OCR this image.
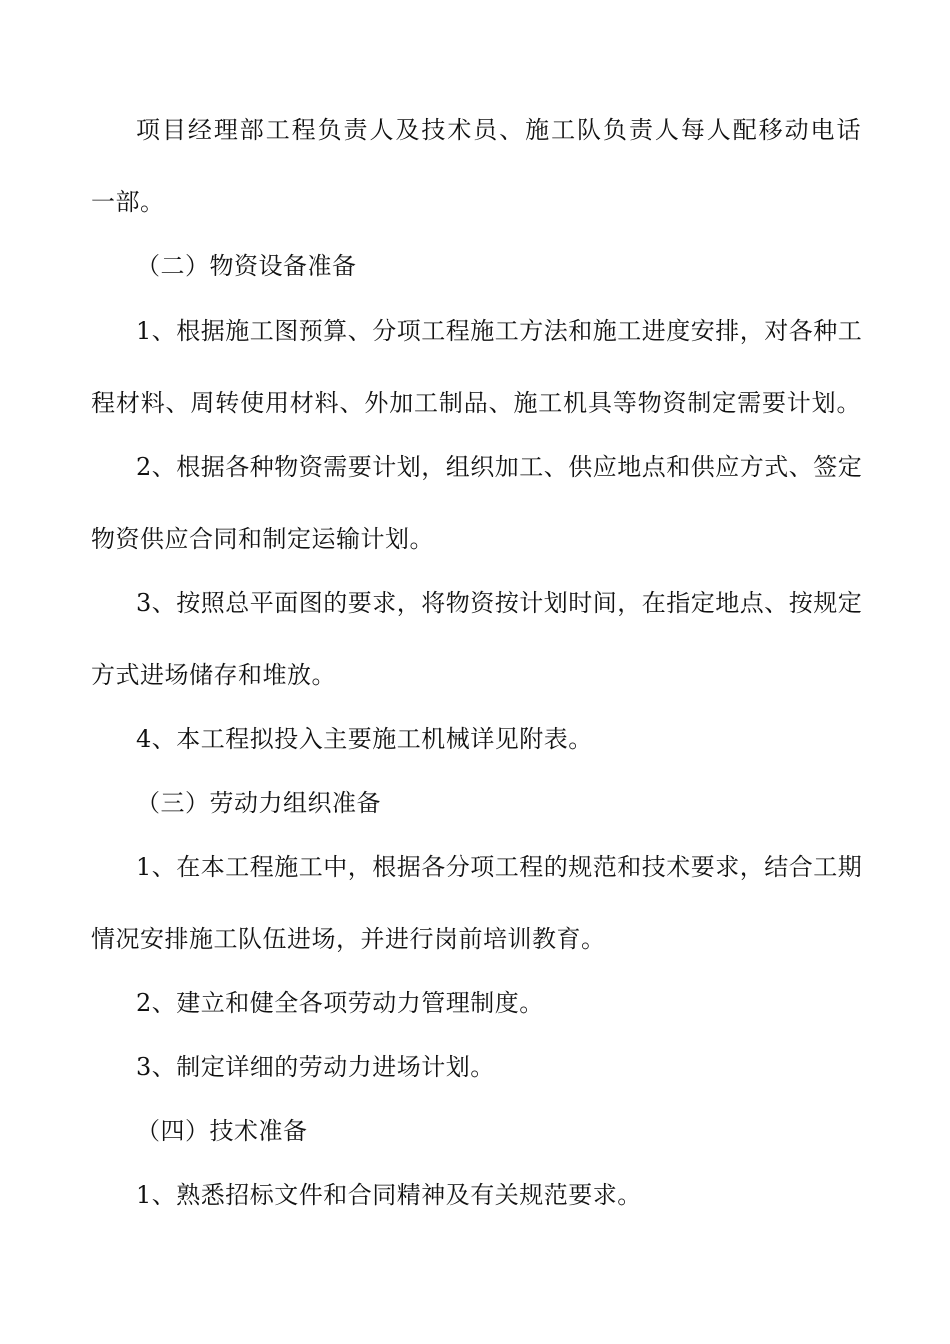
项目经理部工程负责人及技术员、施工队负责人每人配移动电话
一部。
（二）物资设备准备
1、根据施工图预算、分项工程施工方法和施工进度安排，对各种工
程材料、周转使用材料、外加工制品、施工机具等物资制定需要计划。
2、根据各种物资需要计划，组织加工、供应地点和供应方式、签定
物资供应合同和制定运输计划。
3、按照总平面图的要求，将物资按计划时间，在指定地点、按规定
方式进场储存和堆放。
4、本工程拟投入主要施工机械详见附表。
（三）劳动力组织准备
1、在本工程施工中，根据各分项工程的规范和技术要求，结合工期
情况安排施工队伍进场，并进行岗前培训教育。
2、建立和健全各项劳动力管理制度。
3、制定详细的劳动力进场计划。
（四）技术准备
1、熟悉招标文件和合同精神及有关规范要求。
